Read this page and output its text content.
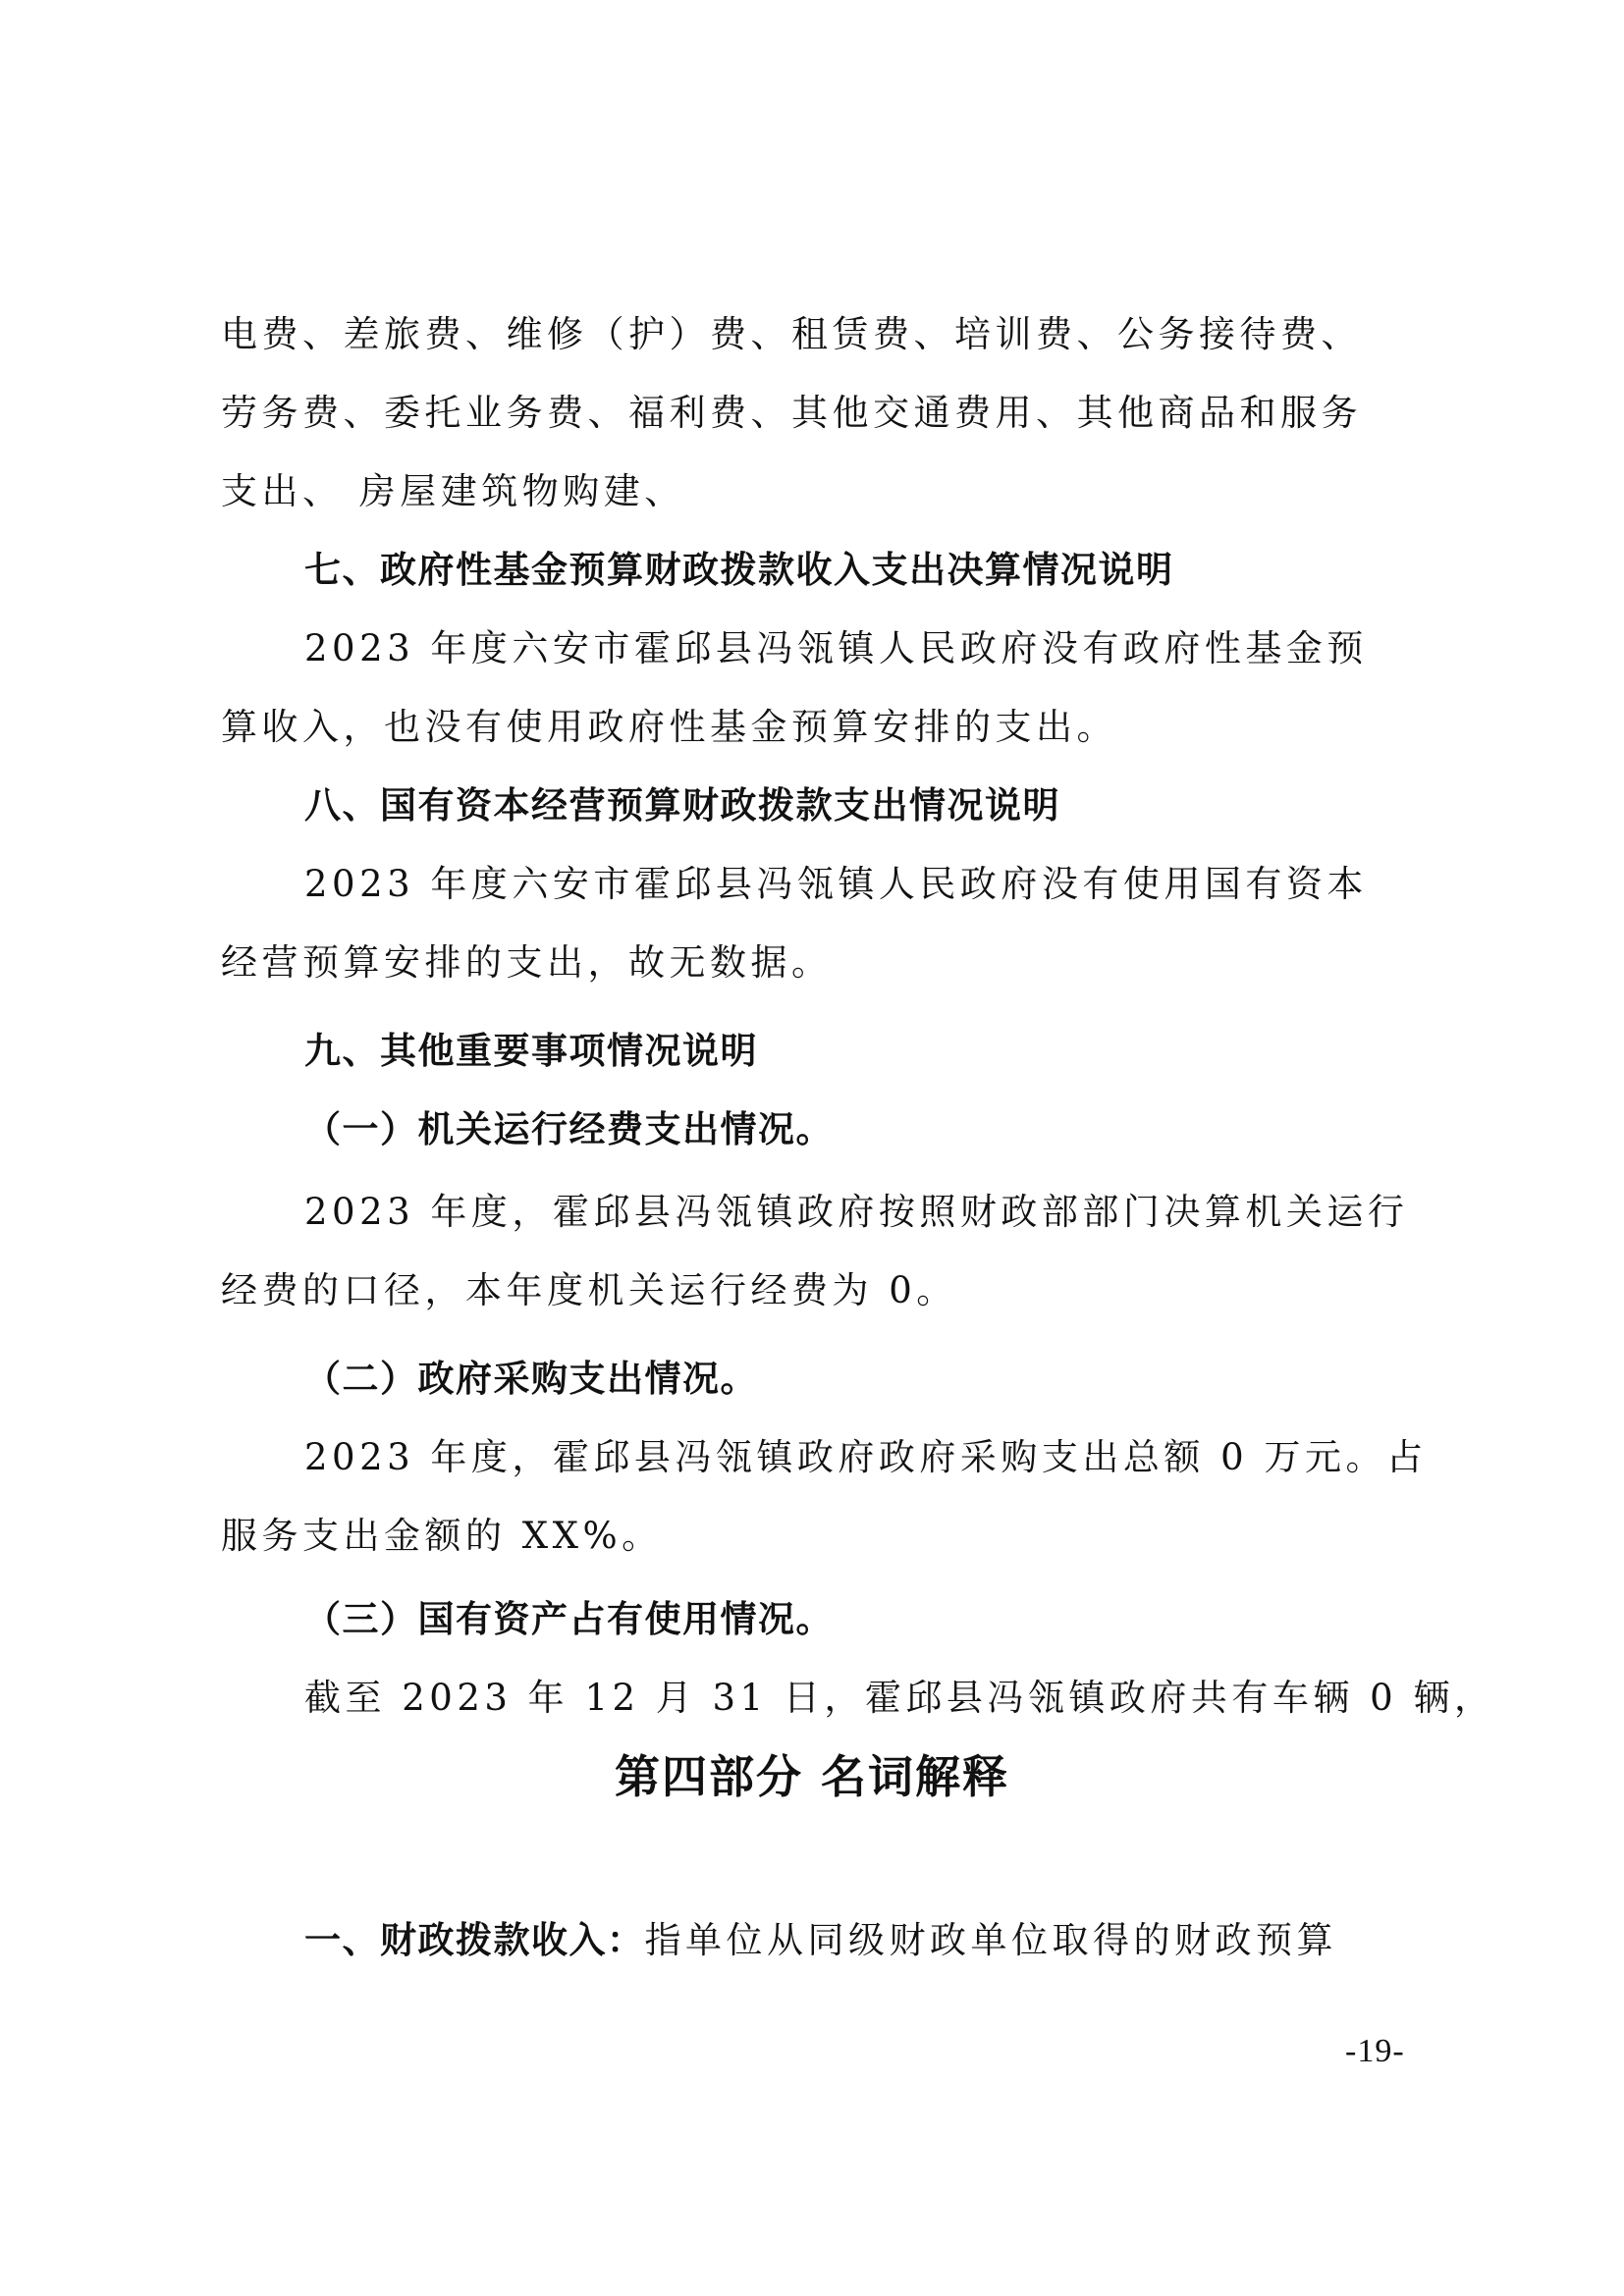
电费、差旅费、维修（护）费、租赁费、培训费、公务接待费、
劳务费、委托业务费、福利费、其他交通费用、其他商品和服务
支出、 房屋建筑物购建、
七、政府性基金预算财政拨款收入支出决算情况说明
2023 年度六安市霍邱县冯瓴镇人民政府没有政府性基金预
算收入，也没有使用政府性基金预算安排的支出。
八、国有资本经营预算财政拨款支出情况说明
2023 年度六安市霍邱县冯瓴镇人民政府没有使用国有资本
经营预算安排的支出，故无数据。
九、其他重要事项情况说明
（一）机关运行经费支出情况。
2023 年度，霍邱县冯瓴镇政府按照财政部部门决算机关运行
经费的口径，本年度机关运行经费为 0。
（二）政府采购支出情况。
2023 年度，霍邱县冯瓴镇政府政府采购支出总额 0 万元。占
服务支出金额的 XX%。
（三）国有资产占有使用情况。
截至 2023 年 12 月 31 日，霍邱县冯瓴镇政府共有车辆 0 辆，
第四部分 名词解释
一、财政拨款收入：指单位从同级财政单位取得的财政预算
-19-
